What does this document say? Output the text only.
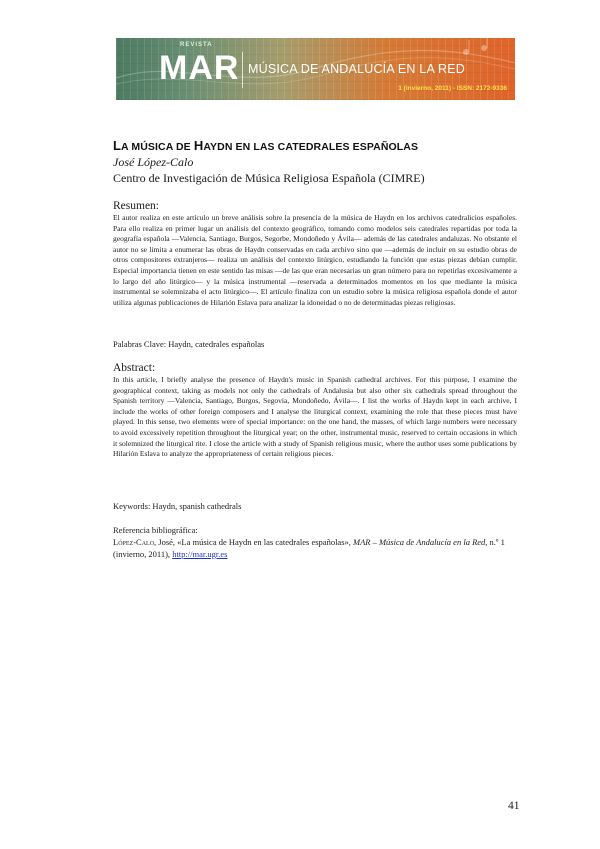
REVISTA
MAR MÚSICA DE ANDALUCÍA EN LA RED
1 (invierno, 2011) - ISSN: 2172-9336
LA MÚSICA DE HAYDN EN LAS CATEDRALES ESPAÑOLAS

José López-Calo

Centro de Investigación de Música Religiosa Española (CIMRE)

Resumen:

El autor realiza en este artículo un breve análisis sobre la presencia de la música de Haydn en los archivos catedralicios españoles. Para ello realiza en primer lugar un análisis del contexto geográfico, tomando como modelos seis catedrales repartidas por toda la geografía española —Valencia, Santiago, Burgos, Segorbe, Mondoñedo y Ávila— además de las catedrales andaluzas. No obstante el autor no se limita a enumerar las obras de Haydn conservadas en cada archivo sino que —además de incluir en su estudio obras de otros compositores extranjeros— realiza un análisis del contexto litúrgico, estudiando la función que estas piezas debían cumplir. Especial importancia tienen en este sentido las misas —de las que eran necesarias un gran número para no repetirlas excesivamente a lo largo del año litúrgico— y la música instrumental —reservada a determinados momentos en los que mediante la música instrumental se solemnizaba el acto litúrgico—. El artículo finaliza con un estudio sobre la música religiosa española donde el autor utiliza algunas publicaciones de Hilarión Eslava para analizar la idoneidad o no de determinadas piezas religiosas.

Palabras Clave: Haydn, catedrales españolas

Abstract:

In this article, I briefly analyse the presence of Haydn's music in Spanish cathedral archives. For this purpose, I examine the geographical context, taking as models not only the cathedrals of Andalusia but also other six cathedrals spread throughout the Spanish territory —Valencia, Santiago, Burgos, Segovia, Mondoñedo, Ávila—. I list the works of Haydn kept in each archive, I include the works of other foreign composers and I analyse the liturgical context, examining the role that these pieces must have played. In this sense, two elements were of special importance: on the one hand, the masses, of which large numbers were necessary to avoid excessively repetition throughout the liturgical year; on the other, instrumental music, reserved to certain occasions in which it solemnized the liturgical rite. I close the article with a study of Spanish religious music, where the author uses some publications by Hilarión Eslava to analyze the appropriateness of certain religious pieces.

Keywords: Haydn, spanish cathedrals

Referencia bibliográfica:

López-Calo, José, «La música de Haydn en las catedrales españolas», MAR – Música de Andalucía en la Red, n.º 1 (invierno, 2011), http://mar.ugr.es

41
